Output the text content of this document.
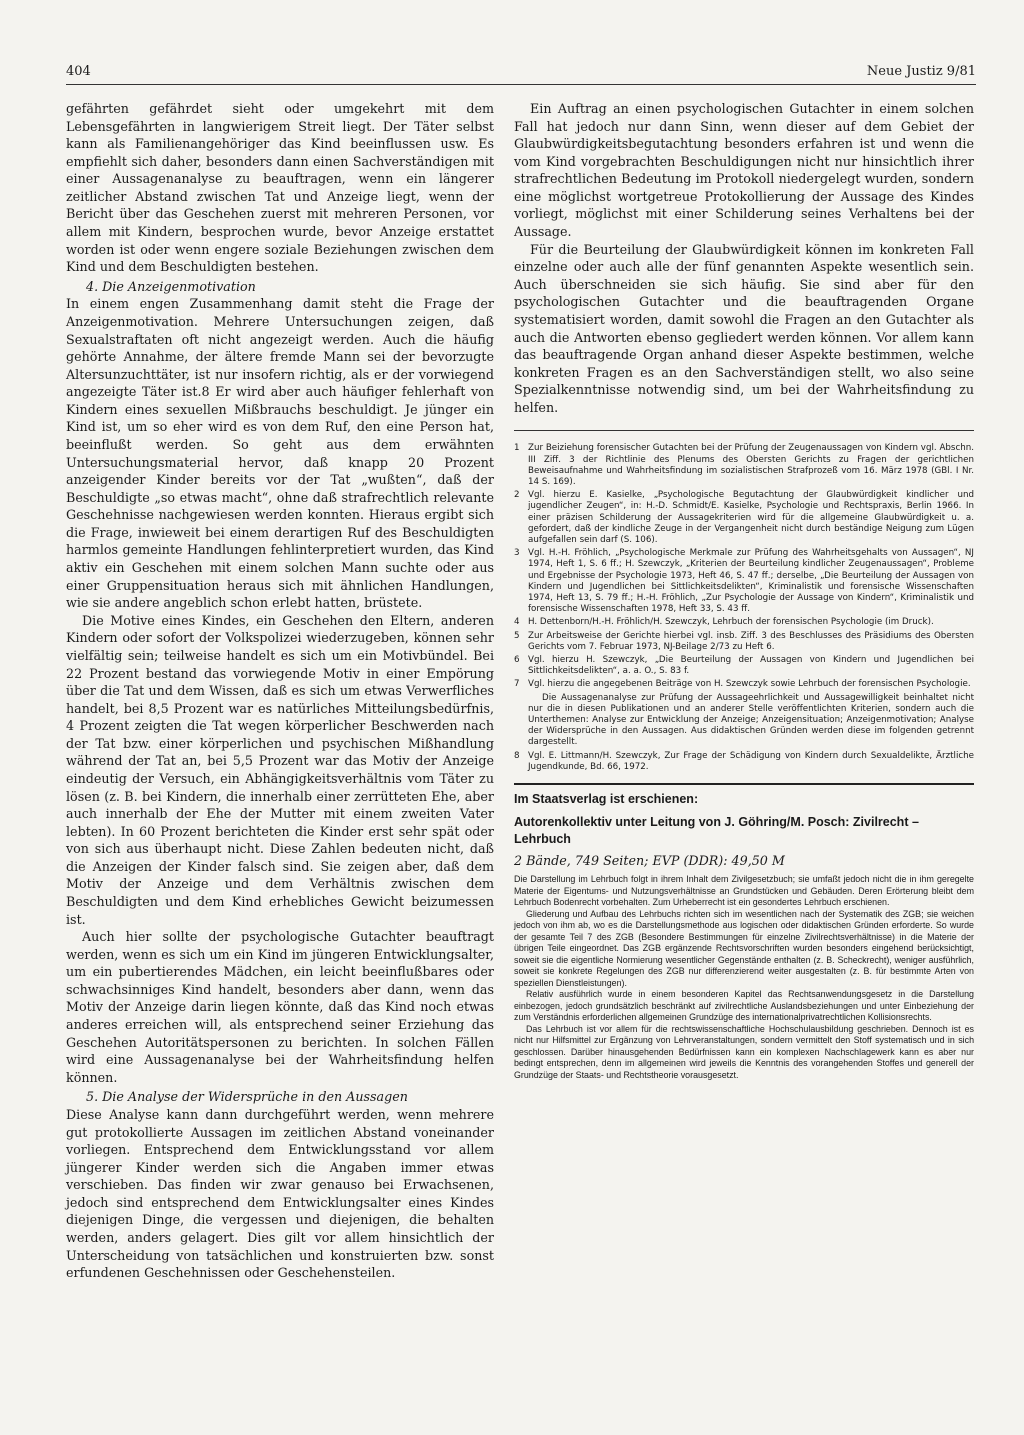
404	Neue Justiz 9/81

gefährten gefährdet sieht oder umgekehrt mit dem Lebensgefährten in langwierigem Streit liegt. Der Täter selbst kann als Familienangehöriger das Kind beeinflussen usw. Es empfiehlt sich daher, besonders dann einen Sachverständigen mit einer Aussagenanalyse zu beauftragen, wenn ein längerer zeitlicher Abstand zwischen Tat und Anzeige liegt, wenn der Bericht über das Geschehen zuerst mit mehreren Personen, vor allem mit Kindern, besprochen wurde, bevor Anzeige erstattet worden ist oder wenn engere soziale Beziehungen zwischen dem Kind und dem Beschuldigten bestehen.

4. Die Anzeigenmotivation

In einem engen Zusammenhang damit steht die Frage der Anzeigenmotivation. Mehrere Untersuchungen zeigen, daß Sexualstraftaten oft nicht angezeigt werden. Auch die häufig gehörte Annahme, der ältere fremde Mann sei der bevorzugte Altersunzuchttäter, ist nur insofern richtig, als er der vorwiegend angezeigte Täter ist.8 Er wird aber auch häufiger fehlerhaft von Kindern eines sexuellen Mißbrauchs beschuldigt. Je jünger ein Kind ist, um so eher wird es von dem Ruf, den eine Person hat, beeinflußt werden. So geht aus dem erwähnten Untersuchungsmaterial hervor, daß knapp 20 Prozent anzeigender Kinder bereits vor der Tat „wußten“, daß der Beschuldigte „so etwas macht“, ohne daß strafrechtlich relevante Geschehnisse nachgewiesen werden konnten. Hieraus ergibt sich die Frage, inwieweit bei einem derartigen Ruf des Beschuldigten harmlos gemeinte Handlungen fehlinterpretiert wurden, das Kind aktiv ein Geschehen mit einem solchen Mann suchte oder aus einer Gruppensituation heraus sich mit ähnlichen Handlungen, wie sie andere angeblich schon erlebt hatten, brüstete.

Die Motive eines Kindes, ein Geschehen den Eltern, anderen Kindern oder sofort der Volkspolizei wiederzugeben, können sehr vielfältig sein; teilweise handelt es sich um ein Motivbündel. Bei 22 Prozent bestand das vorwiegende Motiv in einer Empörung über die Tat und dem Wissen, daß es sich um etwas Verwerfliches handelt, bei 8,5 Prozent war es natürliches Mitteilungsbedürfnis, 4 Prozent zeigten die Tat wegen körperlicher Beschwerden nach der Tat bzw. einer körperlichen und psychischen Mißhandlung während der Tat an, bei 5,5 Prozent war das Motiv der Anzeige eindeutig der Versuch, ein Abhängigkeitsverhältnis vom Täter zu lösen (z. B. bei Kindern, die innerhalb einer zerrütteten Ehe, aber auch innerhalb der Ehe der Mutter mit einem zweiten Vater lebten). In 60 Prozent berichteten die Kinder erst sehr spät oder von sich aus überhaupt nicht. Diese Zahlen bedeuten nicht, daß die Anzeigen der Kinder falsch sind. Sie zeigen aber, daß dem Motiv der Anzeige und dem Verhältnis zwischen dem Beschuldigten und dem Kind erhebliches Gewicht beizumessen ist.

Auch hier sollte der psychologische Gutachter beauftragt werden, wenn es sich um ein Kind im jüngeren Entwicklungsalter, um ein pubertierendes Mädchen, ein leicht beeinflußbares oder schwachsinniges Kind handelt, besonders aber dann, wenn das Motiv der Anzeige darin liegen könnte, daß das Kind noch etwas anderes erreichen will, als entsprechend seiner Erziehung das Geschehen Autoritätspersonen zu berichten. In solchen Fällen wird eine Aussagenanalyse bei der Wahrheitsfindung helfen können.

5. Die Analyse der Widersprüche in den Aussagen

Diese Analyse kann dann durchgeführt werden, wenn mehrere gut protokollierte Aussagen im zeitlichen Abstand voneinander vorliegen. Entsprechend dem Entwicklungsstand vor allem jüngerer Kinder werden sich die Angaben immer etwas verschieben. Das finden wir zwar genauso bei Erwachsenen, jedoch sind entsprechend dem Entwicklungsalter eines Kindes diejenigen Dinge, die vergessen und diejenigen, die behalten werden, anders gelagert. Dies gilt vor allem hinsichtlich der Unterscheidung von tatsächlichen und konstruierten bzw. sonst erfundenen Geschehnissen oder Geschehensteilen.

Ein Auftrag an einen psychologischen Gutachter in einem solchen Fall hat jedoch nur dann Sinn, wenn dieser auf dem Gebiet der Glaubwürdigkeitsbegutachtung besonders erfahren ist und wenn die vom Kind vorgebrachten Beschuldigungen nicht nur hinsichtlich ihrer strafrechtlichen Bedeutung im Protokoll niedergelegt wurden, sondern eine möglichst wortgetreue Protokollierung der Aussage des Kindes vorliegt, möglichst mit einer Schilderung seines Verhaltens bei der Aussage.

Für die Beurteilung der Glaubwürdigkeit können im konkreten Fall einzelne oder auch alle der fünf genannten Aspekte wesentlich sein. Auch überschneiden sie sich häufig. Sie sind aber für den psychologischen Gutachter und die beauftragenden Organe systematisiert worden, damit sowohl die Fragen an den Gutachter als auch die Antworten ebenso gegliedert werden können. Vor allem kann das beauftragende Organ anhand dieser Aspekte bestimmen, welche konkreten Fragen es an den Sachverständigen stellt, wo also seine Spezialkenntnisse notwendig sind, um bei der Wahrheitsfindung zu helfen.

1 Zur Beiziehung forensischer Gutachten bei der Prüfung der Zeugenaussagen von Kindern vgl. Abschn. III Ziff. 3 der Richtlinie des Plenums des Obersten Gerichts zu Fragen der gerichtlichen Beweisaufnahme und Wahrheitsfindung im sozialistischen Strafprozeß vom 16. März 1978 (GBl. I Nr. 14 S. 169).
2 Vgl. hierzu E. Kasielke, „Psychologische Begutachtung der Glaubwürdigkeit kindlicher und jugendlicher Zeugen“, in: H.-D. Schmidt/E. Kasielke, Psychologie und Rechtspraxis, Berlin 1966. In einer präzisen Schilderung der Aussagekriterien wird für die allgemeine Glaubwürdigkeit u. a. gefordert, daß der kindliche Zeuge in der Vergangenheit nicht durch beständige Neigung zum Lügen aufgefallen sein darf (S. 106).
3 Vgl. H.-H. Fröhlich, „Psychologische Merkmale zur Prüfung des Wahrheitsgehalts von Aussagen“, NJ 1974, Heft 1, S. 6 ff.; H. Szewczyk, „Kriterien der Beurteilung kindlicher Zeugenaussagen“, Probleme und Ergebnisse der Psychologie 1973, Heft 46, S. 47 ff.; derselbe, „Die Beurteilung der Aussagen von Kindern und Jugendlichen bei Sittlichkeitsdelikten“, Kriminalistik und forensische Wissenschaften 1974, Heft 13, S. 79 ff.; H.-H. Fröhlich, „Zur Psychologie der Aussage von Kindern“, Kriminalistik und forensische Wissenschaften 1978, Heft 33, S. 43 ff.
4 H. Dettenborn/H.-H. Fröhlich/H. Szewczyk, Lehrbuch der forensischen Psychologie (im Druck).
5 Zur Arbeitsweise der Gerichte hierbei vgl. insb. Ziff. 3 des Beschlusses des Präsidiums des Obersten Gerichts vom 7. Februar 1973, NJ-Beilage 2/73 zu Heft 6.
6 Vgl. hierzu H. Szewczyk, „Die Beurteilung der Aussagen von Kindern und Jugendlichen bei Sittlichkeitsdelikten“, a. a. O., S. 83 f.
7 Vgl. hierzu die angegebenen Beiträge von H. Szewczyk sowie Lehrbuch der forensischen Psychologie.

Die Aussagenanalyse zur Prüfung der Aussageehrlichkeit und Aussagewilligkeit beinhaltet nicht nur die in diesen Publikationen und an anderer Stelle veröffentlichten Kriterien, sondern auch die Unterthemen: Analyse zur Entwicklung der Anzeige; Anzeigensituation; Anzeigenmotivation; Analyse der Widersprüche in den Aussagen. Aus didaktischen Gründen werden diese im folgenden getrennt dargestellt.

8 Vgl. E. Littmann/H. Szewczyk, Zur Frage der Schädigung von Kindern durch Sexualdelikte, Ärztliche Jugendkunde, Bd. 66, 1972.
Im Staatsverlag ist erschienen:
Autorenkollektiv unter Leitung von J. Göhring/M. Posch: Zivilrecht – Lehrbuch
2 Bände, 749 Seiten; EVP (DDR): 49,50 M

Die Darstellung im Lehrbuch folgt in ihrem Inhalt dem Zivilgesetzbuch; sie umfaßt jedoch nicht die in ihm geregelte Materie der Eigentums- und Nutzungsverhältnisse an Grundstücken und Gebäuden. Deren Erörterung bleibt dem Lehrbuch Bodenrecht vorbehalten. Zum Urheberrecht ist ein gesondertes Lehrbuch erschienen.

Gliederung und Aufbau des Lehrbuchs richten sich im wesentlichen nach der Systematik des ZGB; sie weichen jedoch von ihm ab, wo es die Darstellungsmethode aus logischen oder didaktischen Gründen erforderte. So wurde der gesamte Teil 7 des ZGB (Besondere Bestimmungen für einzelne Zivilrechtsverhältnisse) in die Materie der übrigen Teile eingeordnet. Das ZGB ergänzende Rechtsvorschriften wurden besonders eingehend berücksichtigt, soweit sie die eigentliche Normierung wesentlicher Gegenstände enthalten (z. B. Scheckrecht), weniger ausführlich, soweit sie konkrete Regelungen des ZGB nur differenzierend weiter ausgestalten (z. B. für bestimmte Arten von speziellen Dienstleistungen).

Relativ ausführlich wurde in einem besonderen Kapitel das Rechtsanwendungsgesetz in die Darstellung einbezogen, jedoch grundsätzlich beschränkt auf zivilrechtliche Auslandsbeziehungen und unter Einbeziehung der zum Verständnis erforderlichen allgemeinen Grundzüge des internationalprivatrechtlichen Kollisionsrechts.

Das Lehrbuch ist vor allem für die rechtswissenschaftliche Hochschulausbildung geschrieben. Dennoch ist es nicht nur Hilfsmittel zur Ergänzung von Lehrveranstaltungen, sondern vermittelt den Stoff systematisch und in sich geschlossen. Darüber hinausgehenden Bedürfnissen kann ein komplexen Nachschlagewerk kann es aber nur bedingt entsprechen, denn im allgemeinen wird jeweils die Kenntnis des vorangehenden Stoffes und generell der Grundzüge der Staats- und Rechtstheorie vorausgesetzt.
